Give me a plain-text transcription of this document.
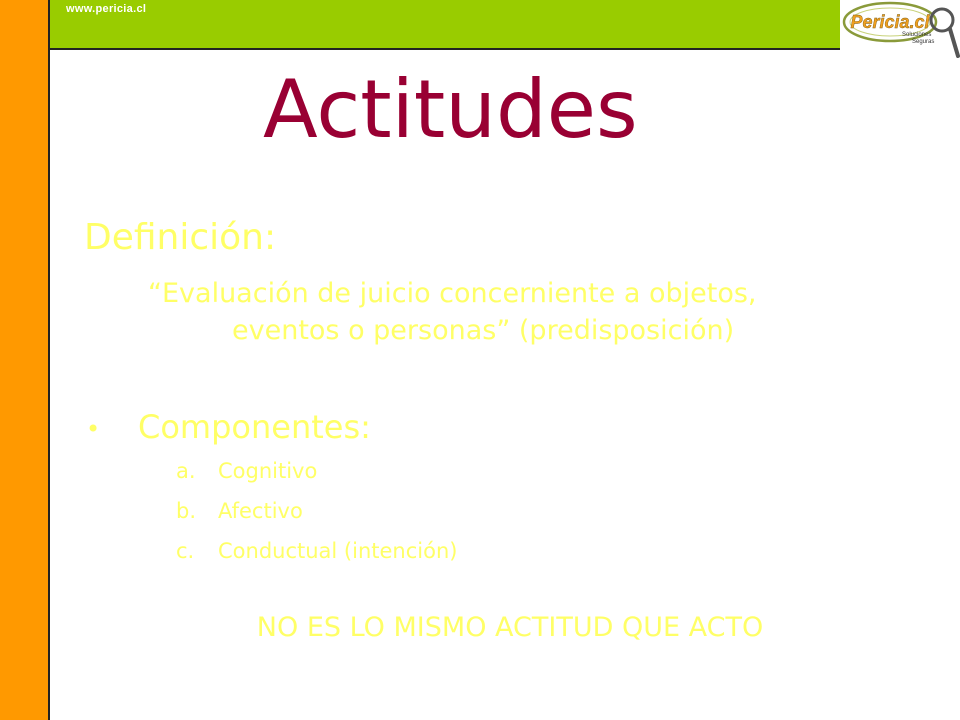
www.pericia.cl
Pericia.cl
Soluciones
Seguras
Actitudes
Definición:
“Evaluación de juicio concerniente a objetos,
eventos o personas” (predisposición)
• Componentes:
a. Cognitivo
b. Afectivo
c. Conductual (intención)
NO ES LO MISMO ACTITUD QUE ACTO
